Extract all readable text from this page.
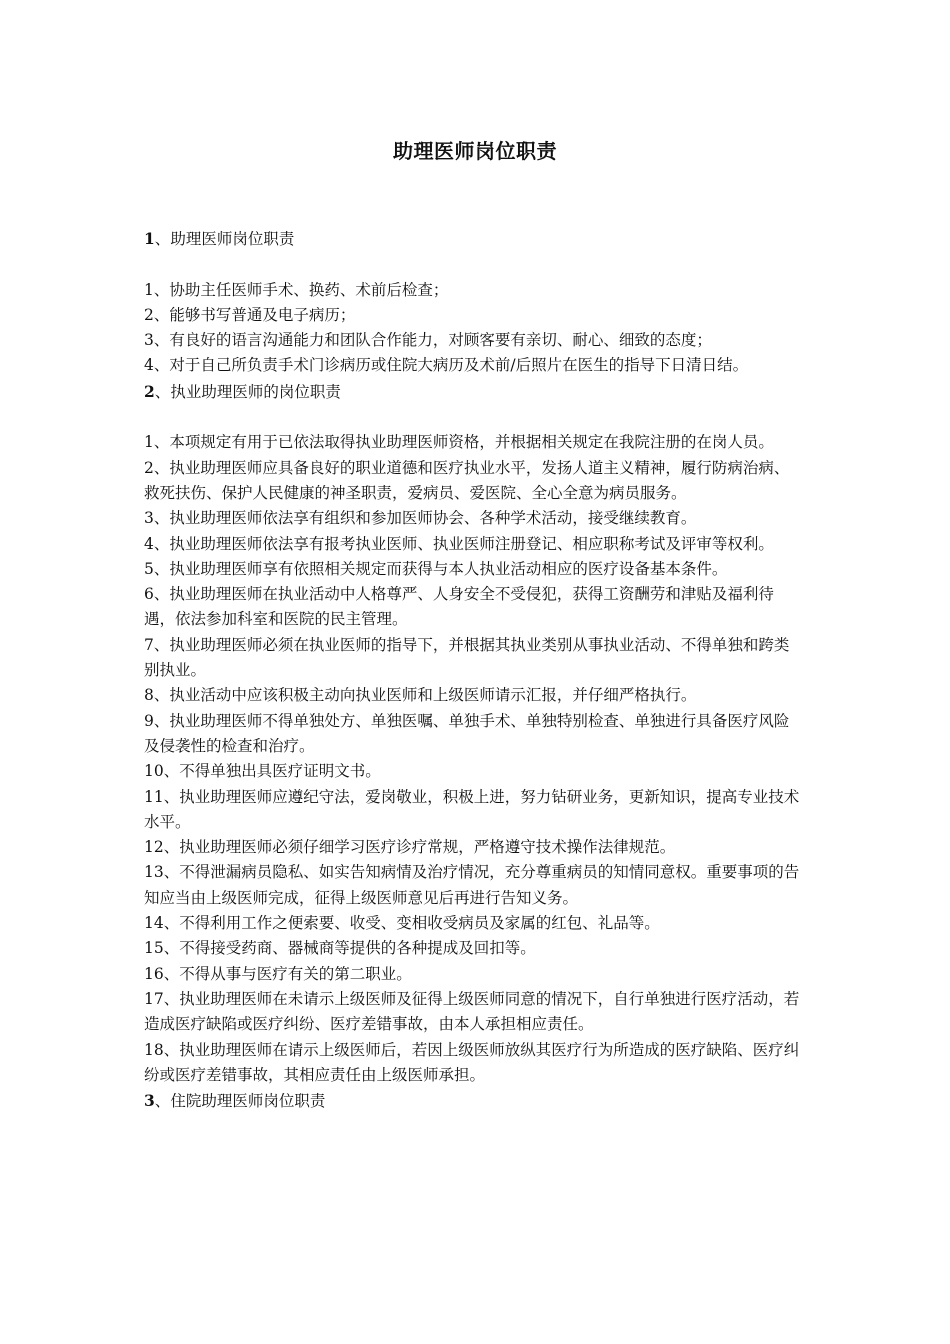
助理医师岗位职责

1、助理医师岗位职责

1、协助主任医师手术、换药、术前后检查；

2、能够书写普通及电子病历；

3、有良好的语言沟通能力和团队合作能力，对顾客要有亲切、耐心、细致的态度；

4、对于自己所负责手术门诊病历或住院大病历及术前/后照片在医生的指导下日清日结。

2、执业助理医师的岗位职责

1、本项规定有用于已依法取得执业助理医师资格，并根据相关规定在我院注册的在岗人员。

2、执业助理医师应具备良好的职业道德和医疗执业水平，发扬人道主义精神，履行防病治病、救死扶伤、保护人民健康的神圣职责，爱病员、爱医院、全心全意为病员服务。

3、执业助理医师依法享有组织和参加医师协会、各种学术活动，接受继续教育。

4、执业助理医师依法享有报考执业医师、执业医师注册登记、相应职称考试及评审等权利。

5、执业助理医师享有依照相关规定而获得与本人执业活动相应的医疗设备基本条件。

6、执业助理医师在执业活动中人格尊严、人身安全不受侵犯，获得工资酬劳和津贴及福利待遇，依法参加科室和医院的民主管理。

7、执业助理医师必须在执业医师的指导下，并根据其执业类别从事执业活动、不得单独和跨类别执业。

8、执业活动中应该积极主动向执业医师和上级医师请示汇报，并仔细严格执行。

9、执业助理医师不得单独处方、单独医嘱、单独手术、单独特别检查、单独进行具备医疗风险及侵袭性的检查和治疗。

10、不得单独出具医疗证明文书。

11、执业助理医师应遵纪守法，爱岗敬业，积极上进，努力钻研业务，更新知识，提高专业技术水平。

12、执业助理医师必须仔细学习医疗诊疗常规，严格遵守技术操作法律规范。

13、不得泄漏病员隐私、如实告知病情及治疗情况，充分尊重病员的知情同意权。重要事项的告知应当由上级医师完成，征得上级医师意见后再进行告知义务。

14、不得利用工作之便索要、收受、变相收受病员及家属的红包、礼品等。

15、不得接受药商、器械商等提供的各种提成及回扣等。

16、不得从事与医疗有关的第二职业。

17、执业助理医师在未请示上级医师及征得上级医师同意的情况下，自行单独进行医疗活动，若造成医疗缺陷或医疗纠纷、医疗差错事故，由本人承担相应责任。

18、执业助理医师在请示上级医师后，若因上级医师放纵其医疗行为所造成的医疗缺陷、医疗纠纷或医疗差错事故，其相应责任由上级医师承担。

3、住院助理医师岗位职责
